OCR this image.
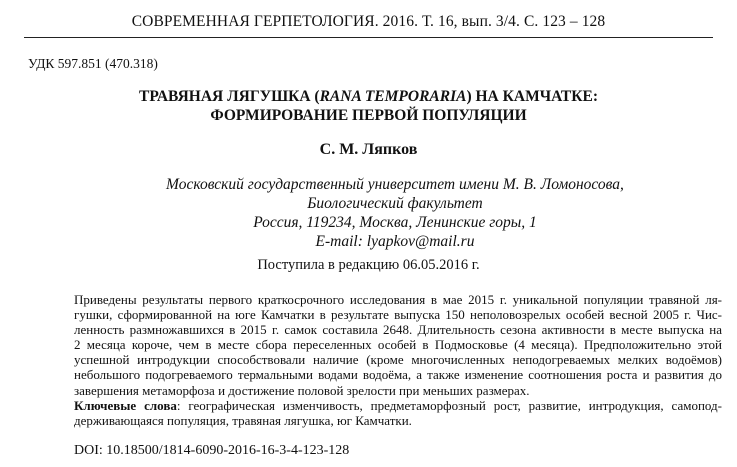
СОВРЕМЕННАЯ ГЕРПЕТОЛОГИЯ. 2016. Т. 16, вып. 3/4. С. 123 – 128
УДК 597.851 (470.318)
ТРАВЯНАЯ ЛЯГУШКА (RANA TEMPORARIA) НА КАМЧАТКЕ:
ФОРМИРОВАНИЕ ПЕРВОЙ ПОПУЛЯЦИИ
С. М. Ляпков
Московский государственный университет имени М. В. Ломоносова,
Биологический факультет
Россия, 119234, Москва, Ленинские горы, 1
E-mail: lyapkov@mail.ru
Поступила в редакцию 06.05.2016 г.
Приведены результаты первого краткосрочного исследования в мае 2015 г. уникальной популяции травяной ля-
гушки, сформированной на юге Камчатки в результате выпуска 150 неполовозрелых особей весной 2005 г. Чис-
ленность размножавшихся в 2015 г. самок составила 2648. Длительность сезона активности в месте выпуска на
2 месяца короче, чем в месте сбора переселенных особей в Подмосковье (4 месяца). Предположительно этой
успешной интродукции способствовали наличие (кроме многочисленных неподогреваемых мелких водоёмов)
небольшого подогреваемого термальными водами водоёма, а также изменение соотношения роста и развития до
завершения метаморфоза и достижение половой зрелости при меньших размерах.
Ключевые слова: географическая изменчивость, предметаморфозный рост, развитие, интродукция, самопод-
держивающаяся популяция, травяная лягушка, юг Камчатки.
DOI: 10.18500/1814-6090-2016-16-3-4-123-128
